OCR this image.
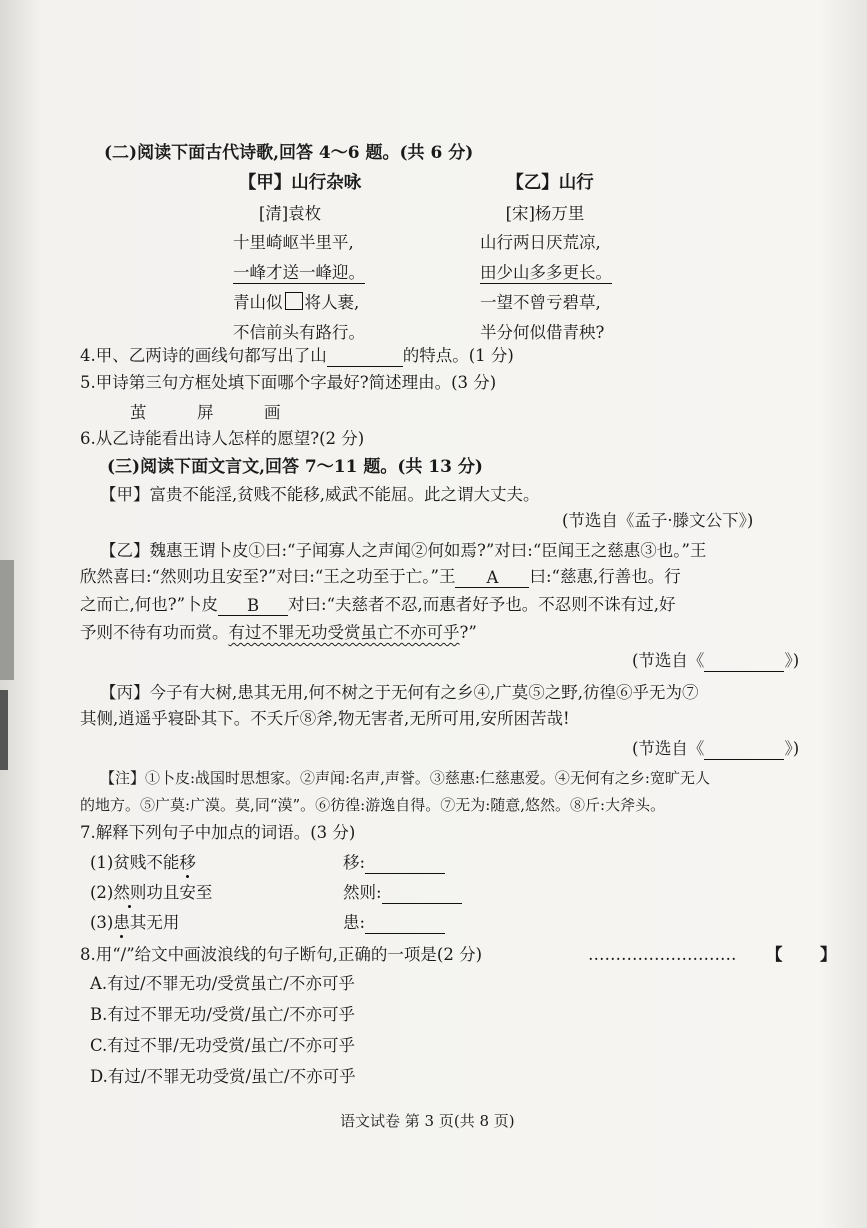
(二)阅读下面古代诗歌,回答 4～6 题。(共 6 分)
【甲】山行杂咏	【乙】山行
[清]袁枚	[宋]杨万里
十里崎岖半里平,
一峰才送一峰迎。
青山似 将人裹,
不信前头有路行。
山行两日厌荒凉,
田少山多多更长。
一望不曾亏碧草,
半分何似借青秧?
4.甲、乙两诗的画线句都写出了山	的特点。(1 分)
5.甲诗第三句方框处填下面哪个字最好?简述理由。(3 分)
茧	屏	画
6.从乙诗能看出诗人怎样的愿望?(2 分)
(三)阅读下面文言文,回答 7～11 题。(共 13 分)
【甲】富贵不能淫,贫贱不能移,威武不能屈。此之谓大丈夫。
(节选自《孟子·滕文公下》)
【乙】魏惠王谓卜皮①曰:“子闻寡人之声闻②何如焉?”对曰:“臣闻王之慈惠③也。”王
欣然喜曰:“然则功且安至?”对曰:“王之功至于亡。”王 A 曰:“慈惠,行善也。行
之而亡,何也?”卜皮 B 对曰:“夫慈者不忍,而惠者好予也。不忍则不诛有过,好
予则不待有功而赏。有过不罪无功受赏虽亡不亦可乎?”
(节选自《	》)
【丙】今子有大树,患其无用,何不树之于无何有之乡④,广莫⑤之野,彷徨⑥乎无为⑦
其侧,逍遥乎寝卧其下。不夭斤⑧斧,物无害者,无所可用,安所困苦哉!
(节选自《	》)
【注】①卜皮:战国时思想家。②声闻:名声,声誉。③慈惠:仁慈惠爱。④无何有之乡:宽旷无人
的地方。⑤广莫:广漠。莫,同“漠”。⑥彷徨:游逸自得。⑦无为:随意,悠然。⑧斤:大斧头。
7.解释下列句子中加点的词语。(3 分)
(1)贫贱不能移	移:
(2)然则功且安至	然则:
(3)患其无用	患:
8.用“/”给文中画波浪线的句子断句,正确的一项是(2 分)	……………………… 【 】
A.有过/不罪无功/受赏虽亡/不亦可乎
B.有过不罪无功/受赏/虽亡/不亦可乎
C.有过不罪/无功受赏/虽亡/不亦可乎
D.有过/不罪无功受赏/虽亡/不亦可乎
语文试卷 第 3 页(共 8 页)
